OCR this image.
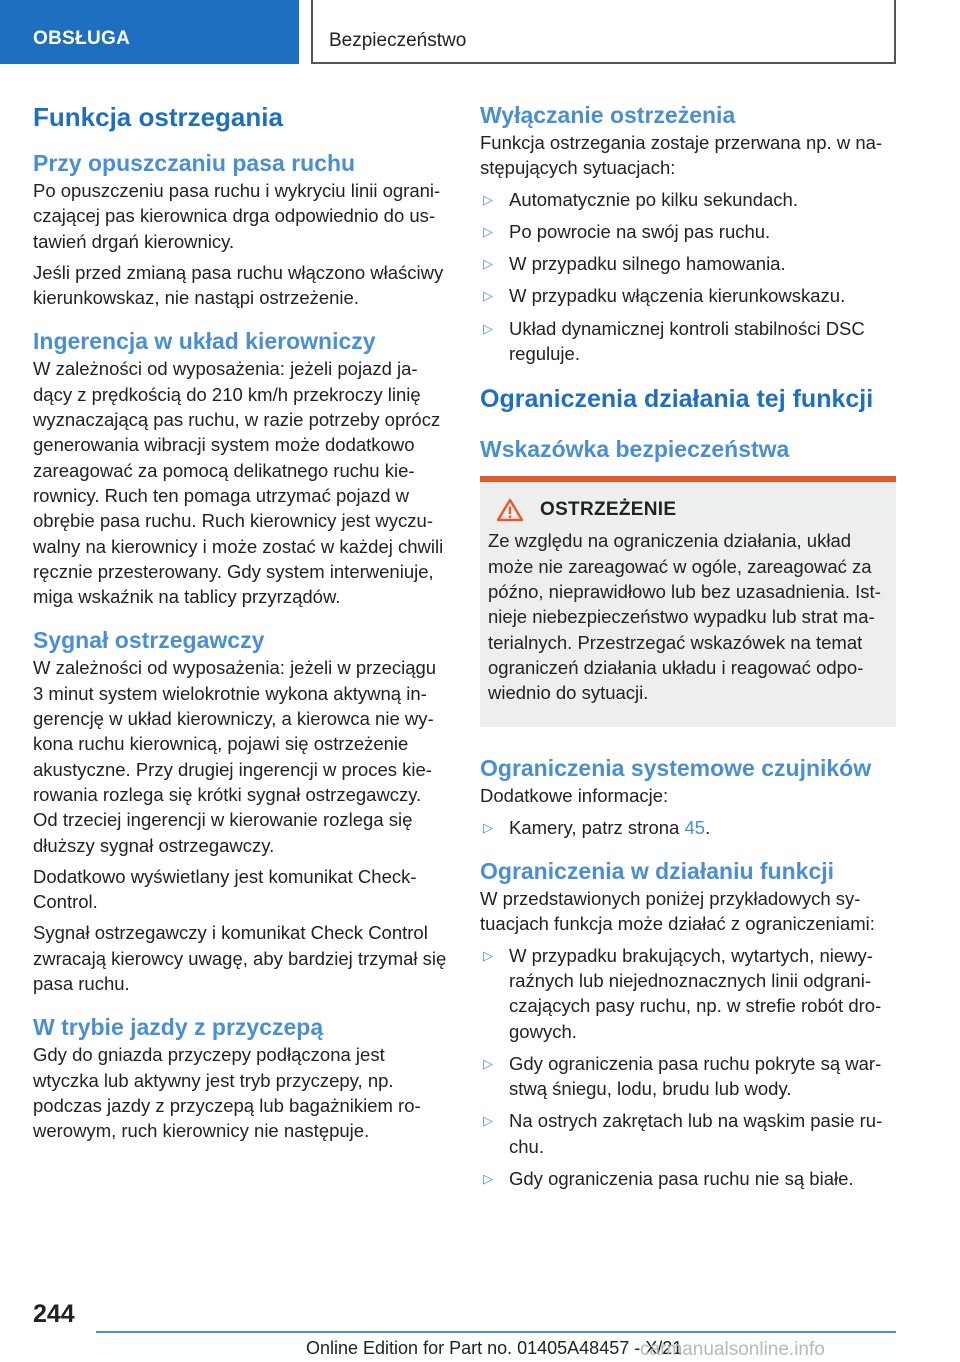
OBSŁUGA	Bezpieczeństwo
Funkcja ostrzegania
Przy opuszczaniu pasa ruchu

Po opuszczeniu pasa ruchu i wykryciu linii ograniczającej pas kierownica drga odpowiednio do ustawień drgań kierownicy.

Jeśli przed zmianą pasa ruchu włączono właściwy kierunkowskaz, nie nastąpi ostrzeżenie.

Ingerencja w układ kierowniczy

W zależności od wyposażenia: jeżeli pojazd jadący z prędkością do 210 km/h przekroczy linię wyznaczającą pas ruchu, w razie potrzeby oprócz generowania wibracji system może dodatkowo zareagować za pomocą delikatnego ruchu kierownicy. Ruch ten pomaga utrzymać pojazd w obrębie pasa ruchu. Ruch kierownicy jest wyczuwalny na kierownicy i może zostać w każdej chwili ręcznie przesterowany. Gdy system interweniuje, miga wskaźnik na tablicy przyrządów.

Sygnał ostrzegawczy

W zależności od wyposażenia: jeżeli w przeciągu 3 minut system wielokrotnie wykona aktywną ingerencję w układ kierowniczy, a kierowca nie wykona ruchu kierownicą, pojawi się ostrzeżenie akustyczne. Przy drugiej ingerencji w proces kierowania rozlega się krótki sygnał ostrzegawczy. Od trzeciej ingerencji w kierowanie rozlega się dłuższy sygnał ostrzegawczy.

Dodatkowo wyświetlany jest komunikat Check-Control.

Sygnał ostrzegawczy i komunikat Check Control zwracają kierowcy uwagę, aby bardziej trzymał się pasa ruchu.

W trybie jazdy z przyczepą

Gdy do gniazda przyczepy podłączona jest wtyczka lub aktywny jest tryb przyczepy, np. podczas jazdy z przyczepą lub bagażnikiem rowerowym, ruch kierownicy nie następuje.

Wyłączanie ostrzeżenia

Funkcja ostrzegania zostaje przerwana np. w następujących sytuacjach:

▷ Automatycznie po kilku sekundach.
▷ Po powrocie na swój pas ruchu.
▷ W przypadku silnego hamowania.
▷ W przypadku włączenia kierunkowskazu.
▷ Układ dynamicznej kontroli stabilności DSC reguluje.
Ograniczenia działania tej funkcji
Wskazówka bezpieczeństwa
OSTRZEŻENIE

Ze względu na ograniczenia działania, układ może nie zareagować w ogóle, zareagować za późno, nieprawidłowo lub bez uzasadnienia. Istnieje niebezpieczeństwo wypadku lub strat materialnych. Przestrzegać wskazówek na temat ograniczeń działania układu i reagować odpowiednio do sytuacji.

Ograniczenia systemowe czujników

Dodatkowe informacje:

▷ Kamery, patrz strona 45.
Ograniczenia w działaniu funkcji

W przedstawionych poniżej przykładowych sytuacjach funkcja może działać z ograniczeniami:

▷ W przypadku brakujących, wytartych, niewyraźnych lub niejednoznacznych linii odgraniczających pasy ruchu, np. w strefie robót drogowych.
▷ Gdy ograniczenia pasa ruchu pokryte są warstwą śniegu, lodu, brudu lub wody.
▷ Na ostrych zakrętach lub na wąskim pasie ruchu.
▷ Gdy ograniczenia pasa ruchu nie są białe.
244
Online Edition for Part no. 01405A48457 - X/21
carmanualsonline.info
